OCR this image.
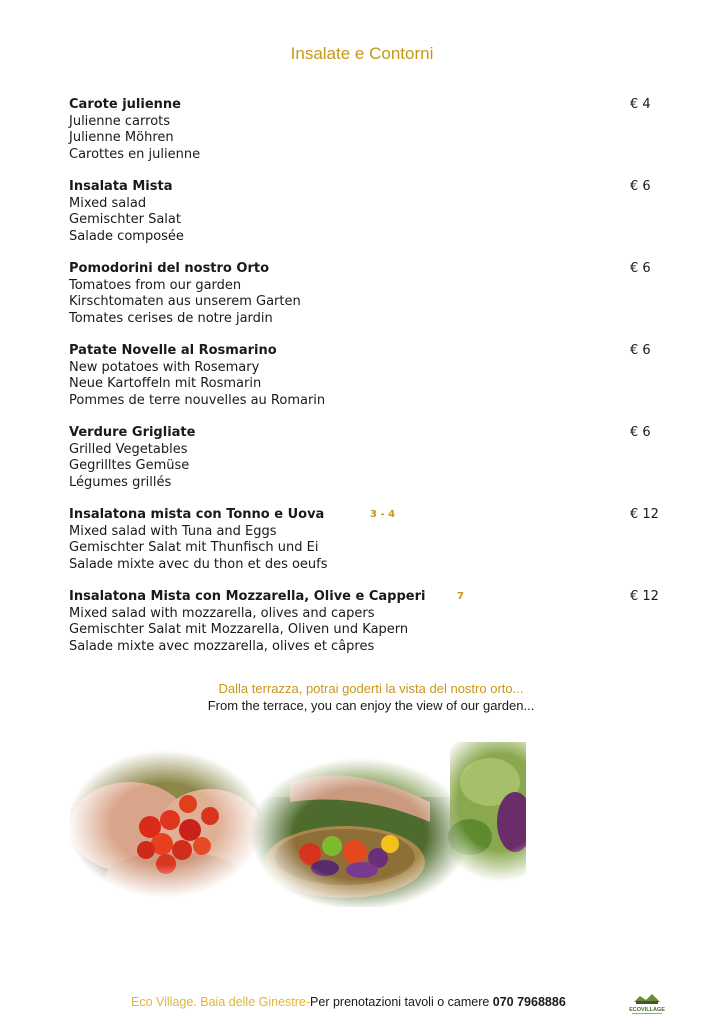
Insalate e Contorni
Carote julienne
Julienne carrots
Julienne Möhren
Carottes en julienne
€ 4
Insalata Mista
Mixed salad
Gemischter Salat
Salade composée
€ 6
Pomodorini del nostro Orto
Tomatoes from our garden
Kirschtomaten aus unserem Garten
Tomates cerises de notre jardin
€ 6
Patate Novelle al Rosmarino
New potatoes with Rosemary
Neue Kartoffeln mit Rosmarin
Pommes de terre nouvelles au Romarin
€ 6
Verdure Grigliate
Grilled Vegetables
Gegrilltes Gemüse
Légumes grillés
€ 6
Insalatona mista con Tonno e Uova
Mixed salad with Tuna and Eggs
Gemischter Salat mit Thunfisch und Ei
Salade mixte avec du thon et des oeufs
3 - 4	€ 12
Insalatona Mista con Mozzarella, Olive e Capperi
Mixed salad with mozzarella, olives and capers
Gemischter Salat mit Mozzarella, Oliven und Kapern
Salade mixte avec mozzarella, olives et câpres
7	€ 12
Dalla terrazza, potrai goderti la vista del nostro orto...
From the terrace, you can enjoy the view of our garden...
Eco Village. Baia delle Ginestre-Per prenotazioni tavoli o camere 070 7968886
ECOVILLAGE
